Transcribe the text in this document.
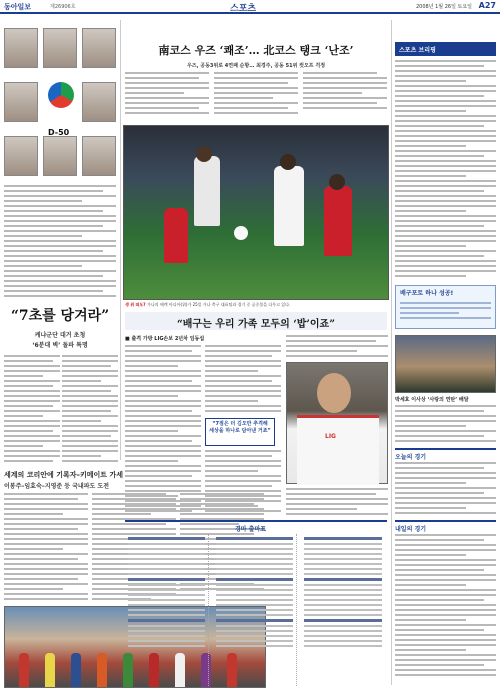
동아일보	제26906호	스포츠	2008년 1월 26일 토요일 A27

D-50
“7초를 당겨라”
케냐군단 대거 초청
‘6분대 벽’ 돌파 특명
세계의 코리안에 기록자–키메이트 가세
이봉주–임효숙–지영준 등 국내파도 도전
南코스 우즈 ‘쾌조’… 北코스 탱크 ‘난조’
우즈, 공동3위로 4연패 순항… 최경주, 공동 51위 컷오프 걱정
생 위 떠도? 가나의 에렉 아디아(위)가 25일 가나 축구 대표팀과 경기 중 공중볼을 다투고 있다.
“배구는 우리 가족 모두의 ‘밥’이죠”
■ 출격 가방 LIG손보 2년차 임동섭
“7점은 더 김오만 추격해
세상을 하나로 담아낸 거죠”
LIG
경마 출마표
스포츠 브리핑
배구포토 하나 성공!
박세효 이사상 ‘사랑의 연탄’ 배달
오늘의 경기
내일의 경기
